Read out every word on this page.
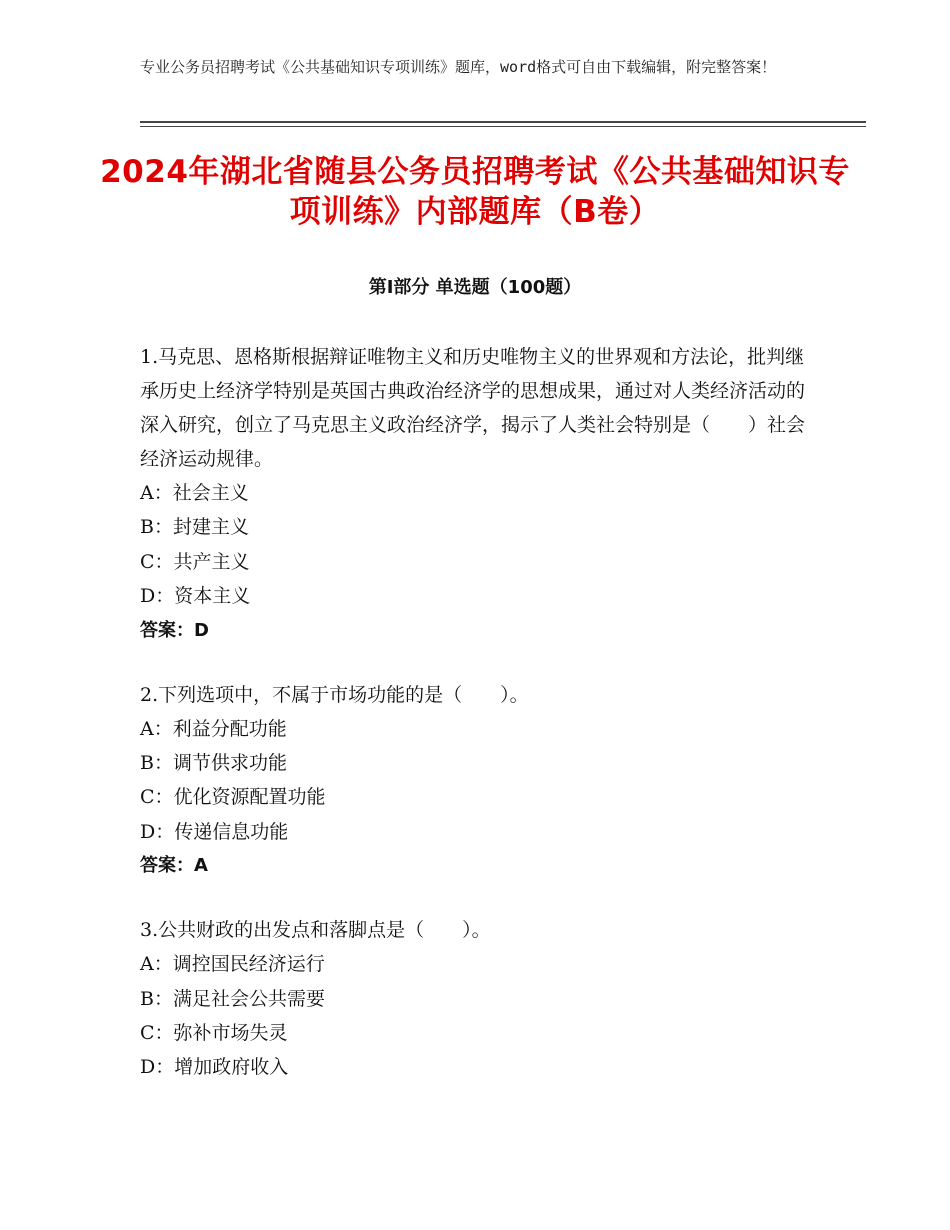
专业公务员招聘考试《公共基础知识专项训练》题库，word格式可自由下载编辑，附完整答案！
2024年湖北省随县公务员招聘考试《公共基础知识专项训练》内部题库（B卷）
第Ⅰ部分 单选题（100题）
1.马克思、恩格斯根据辩证唯物主义和历史唯物主义的世界观和方法论，批判继承历史上经济学特别是英国古典政治经济学的思想成果，通过对人类经济活动的深入研究，创立了马克思主义政治经济学，揭示了人类社会特别是（　　）社会经济运动规律。
A：社会主义
B：封建主义
C：共产主义
D：资本主义
答案：D
2.下列选项中，不属于市场功能的是（　　）。
A：利益分配功能
B：调节供求功能
C：优化资源配置功能
D：传递信息功能
答案：A
3.公共财政的出发点和落脚点是（　　）。
A：调控国民经济运行
B：满足社会公共需要
C：弥补市场失灵
D：增加政府收入
